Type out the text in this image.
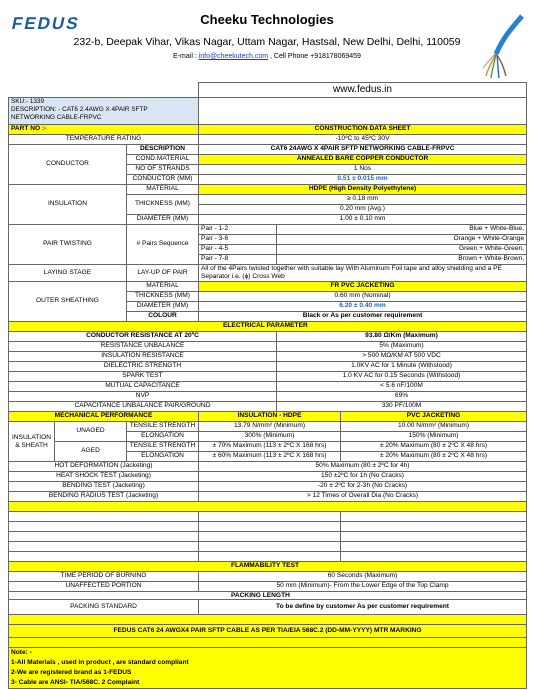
FEDUS	Cheeku Technologies
232-b, Deepak Vihar, Vikas Nagar, Uttam Nagar, Hastsal, New Delhi, Delhi, 110059
E-mail : info@cheekutech.com , Cell Phone +918178069459
			www.fedus.in		

SKU:- 1339
DESCRIPTION: - CAT6 2.4AWG X 4PAIR SFTP
NETWORKING CABLE-FRPVC					

PART NO :-			CONSTRUCTION DATA SHEET		
TEMPERATURE RATING			-10ºC to 45ºC 30V		
CONDUCTOR		DESCRIPTION	CAT6 24AWG X 4PAIR SFTP NETWORKING CABLE-FRPVC		
		COND.MATERIAL	ANNEALED BARE COPPER CONDUCTOR		
		NO OF STRANDS	1 Nos		
		CONDUCTOR (MM)	0.51 ± 0.015 mm		
INSULATION		MATERIAL	HDPE (High Density Polyethylene)		
		THICKNESS (MM)	≥ 0.18 mm		
			0.20 mm (Avg.)		
		DIAMETER (MM)	1.00 ± 0.10 mm		
PAIR TWISTING		# Pairs Sequence	Pair - 1-2	Blue + White-Blue,	
			Pair - 3-6	Orange + White-Orange	
			Pair - 4-5	Green + White-Green,	
			Pair - 7-8	Brown + White-Brown,	
LAYING STAGE		LAY-UP OF PAIR	All of the 4Pairs twisted together with suitable lay With Aluminum Foil tape and alloy shielding and a PE Separator i.e. (ϕ) Cross Web		
OUTER SHEATHING		MATERIAL	FR PVC JACKETING		
		THICKNESS (MM)	0.60 mm (Nominal)		
		DIAMETER (MM)	6.20 ± 0.40 mm		
		COLOUR	Black or As per customer requirement		
ELECTRICAL PARAMETER					
CONDUCTOR RESISTANCE AT 20ºC				93.80 Ω/Km (Maximum)	
RESISTANCE UNBALANCE				5% (Maximum)	
INSULATION RESISTANCE				> 500 MΩ/KM AT 500 VDC	
DIELECTRIC STRENGTH				1.0KV AC for 1 Minute (Withstood)	
SPARK TEST				1.0 KV AC for 0.15 Seconds (Withstood)	
MUTUAL CAPACITANCE				< 5.6 nF/100M	
NVP				69%	
CAPACITANCE UNBALANCE PAIR/GROUND				330 PF/100M	
MECHANICAL PERFORMANCE			INSULATION - HDPE		PVC JACKETING
INSULATION & SHEATH	UNAGED	TENSILE STRENGTH	13.79 N/mm² (Minimum)		10.00 N/mm² (Minimum)
		ELONGATION	300% (Minimum)		150% (Minimum)
	AGED	TENSILE STRENGTH	± 70% Maximum (113 ± 2ºC X 168 hrs)		± 20% Maximum (80 ± 2ºC X 48 hrs)
		ELONGATION	± 60% Maximum (113 ± 2ºC X 168 hrs)		± 20% Maximum (80 ± 2ºC X 48 hrs)
HOT DEFORMATION (Jacketing)			50% Maximum (80 ± 2ºC for 4h)		
HEAT SHOCK TEST (Jacketing)			150 ±2ºC for 1h (No Cracks)		
BENDING TEST (Jacketing)			-20 ± 2ºC for 2-3h (No Cracks)		
BENDING RADIUS TEST (Jacketing)			> 12 Times of Overall Dia (No Cracks)		

FLAMMABILITY TEST					
TIME PERIOD OF BURNING			60 Seconds (Maximum)		
UNAFFECTED PORTION			50 mm (Minimum)- From the Lower Edge of the Top Clamp		
PACKING LENGTH					
PACKING STANDARD			To be define by customer As per customer requirement		

FEDUS CAT6 24 AWGX4 PAIR SFTP CABLE AS PER TIA/EIA 568C.2 (DD-MM-YYYY) MTR MARKING					

Note: -
1-All Materials , used in product , are standard compliant
2-We are registered brand as 1-FEDUS
3- Cable are ANSI- TIA/568C. 2 Complaint					
